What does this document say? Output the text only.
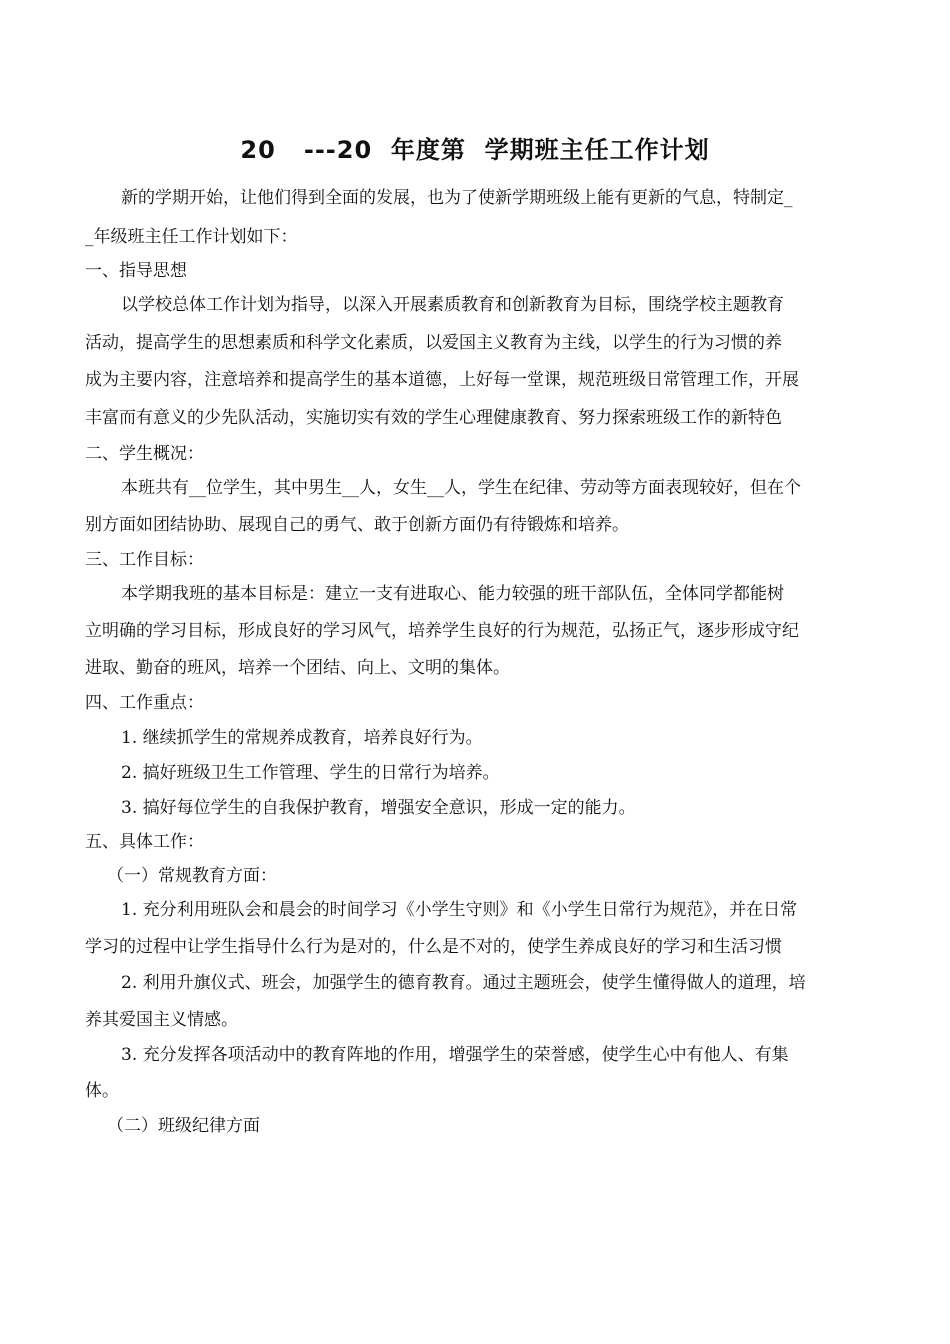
20   ---20  年度第  学期班主任工作计划
新的学期开始，让他们得到全面的发展，也为了使新学期班级上能有更新的气息，特制定_
_年级班主任工作计划如下：
一、指导思想
以学校总体工作计划为指导，以深入开展素质教育和创新教育为目标，围绕学校主题教育
活动，提高学生的思想素质和科学文化素质，以爱国主义教育为主线，以学生的行为习惯的养
成为主要内容，注意培养和提高学生的基本道德，上好每一堂课，规范班级日常管理工作，开展
丰富而有意义的少先队活动，实施切实有效的学生心理健康教育、努力探索班级工作的新特色
二、学生概况：
本班共有__位学生，其中男生__人，女生__人，学生在纪律、劳动等方面表现较好，但在个
别方面如团结协助、展现自己的勇气、敢于创新方面仍有待锻炼和培养。
三、工作目标：
本学期我班的基本目标是：建立一支有进取心、能力较强的班干部队伍，全体同学都能树
立明确的学习目标，形成良好的学习风气，培养学生良好的行为规范，弘扬正气，逐步形成守纪
进取、勤奋的班风，培养一个团结、向上、文明的集体。
四、工作重点：
1. 继续抓学生的常规养成教育，培养良好行为。
2. 搞好班级卫生工作管理、学生的日常行为培养。
3. 搞好每位学生的自我保护教育，增强安全意识，形成一定的能力。
五、具体工作：
（一）常规教育方面：
1. 充分利用班队会和晨会的时间学习《小学生守则》和《小学生日常行为规范》，并在日常
学习的过程中让学生指导什么行为是对的，什么是不对的，使学生养成良好的学习和生活习惯
2. 利用升旗仪式、班会，加强学生的德育教育。通过主题班会，使学生懂得做人的道理，培
养其爱国主义情感。
3. 充分发挥各项活动中的教育阵地的作用，增强学生的荣誉感，使学生心中有他人、有集
体。
（二）班级纪律方面
